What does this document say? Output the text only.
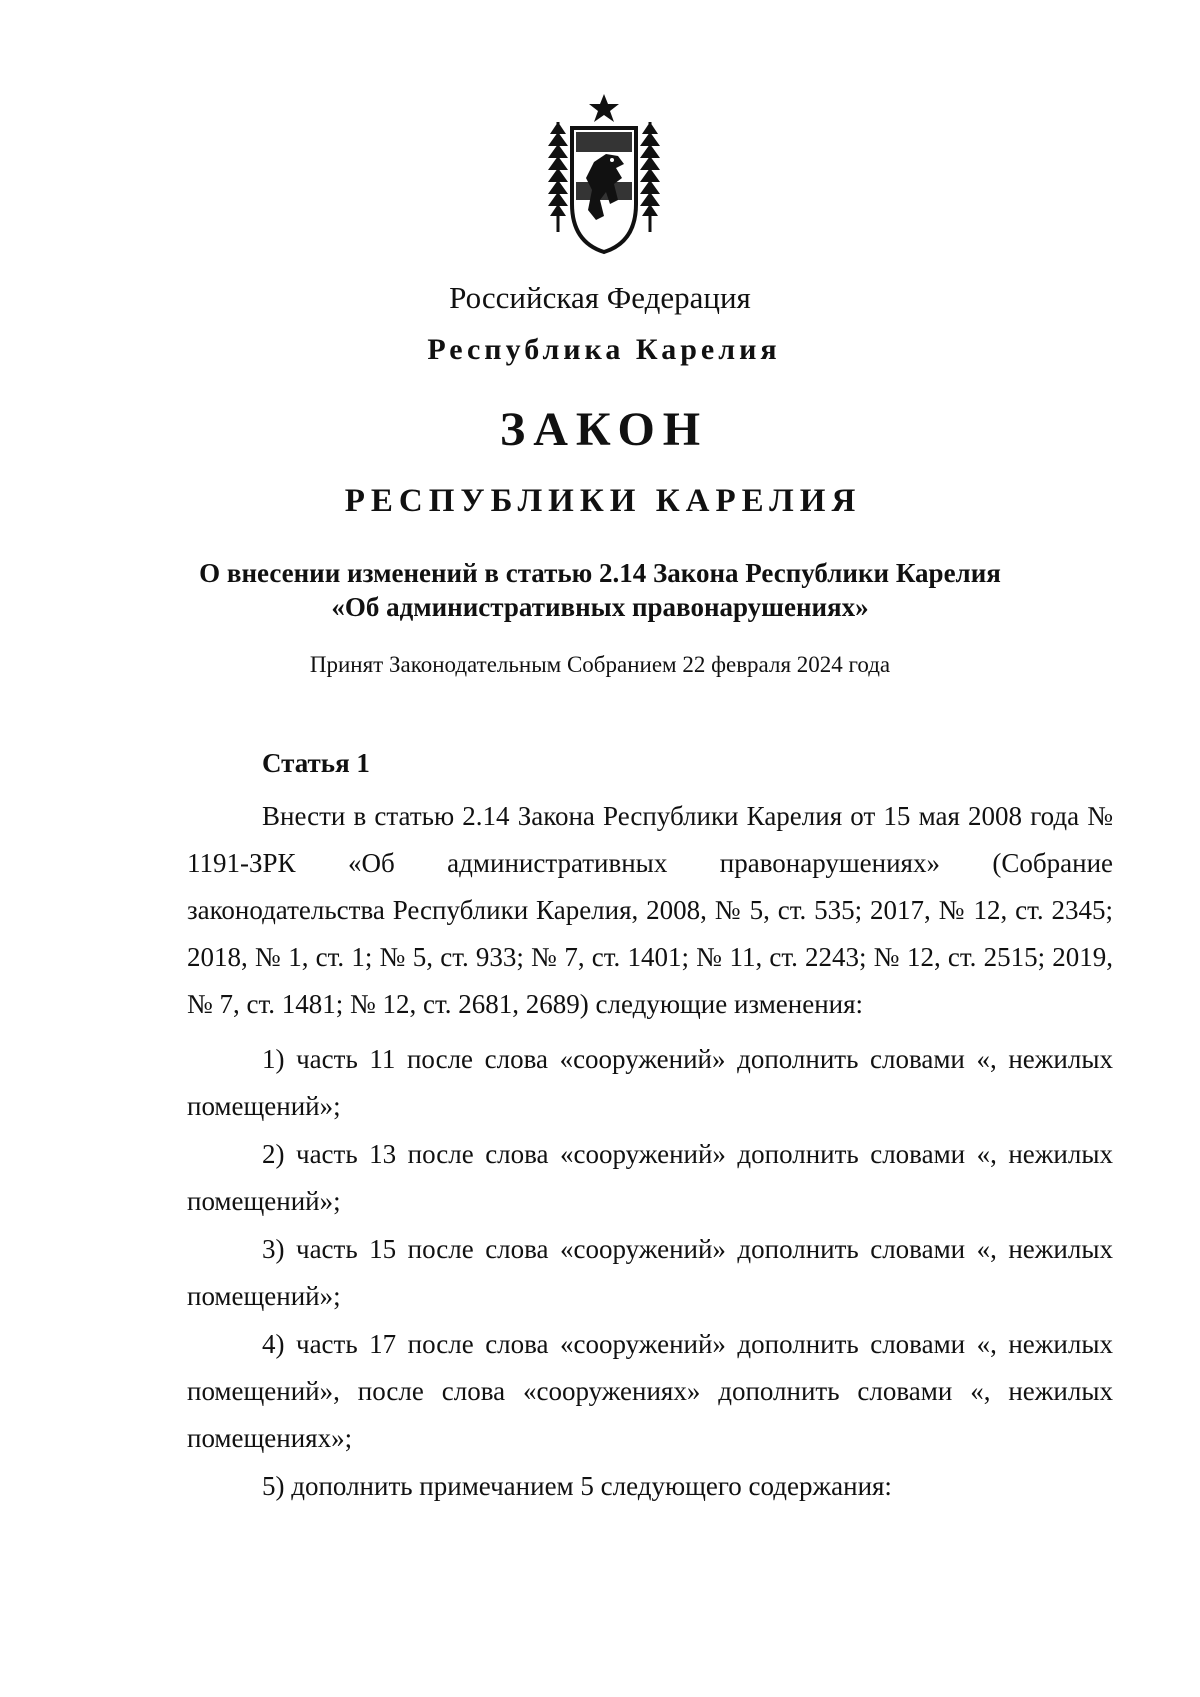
Российская Федерация
Республика Карелия
ЗАКОН
РЕСПУБЛИКИ КАРЕЛИЯ
О внесении изменений в статью 2.14 Закона Республики Карелия
«Об административных правонарушениях»
Принят Законодательным Собранием 22 февраля 2024 года
Статья 1

Внести в статью 2.14 Закона Республики Карелия от 15 мая 2008 года № 1191-ЗРК «Об административных правонарушениях» (Собрание законодательства Республики Карелия, 2008, № 5, ст. 535; 2017, № 12, ст. 2345; 2018, № 1, ст. 1; № 5, ст. 933; № 7, ст. 1401; № 11, ст. 2243; № 12, ст. 2515; 2019, № 7, ст. 1481; № 12, ст. 2681, 2689) следующие изменения:

1) часть 11 после слова «сооружений» дополнить словами «, нежилых помещений»;

2) часть 13 после слова «сооружений» дополнить словами «, нежилых помещений»;

3) часть 15 после слова «сооружений» дополнить словами «, нежилых помещений»;

4) часть 17 после слова «сооружений» дополнить словами «, нежилых помещений», после слова «сооружениях» дополнить словами «, нежилых помещениях»;

5) дополнить примечанием 5 следующего содержания:
